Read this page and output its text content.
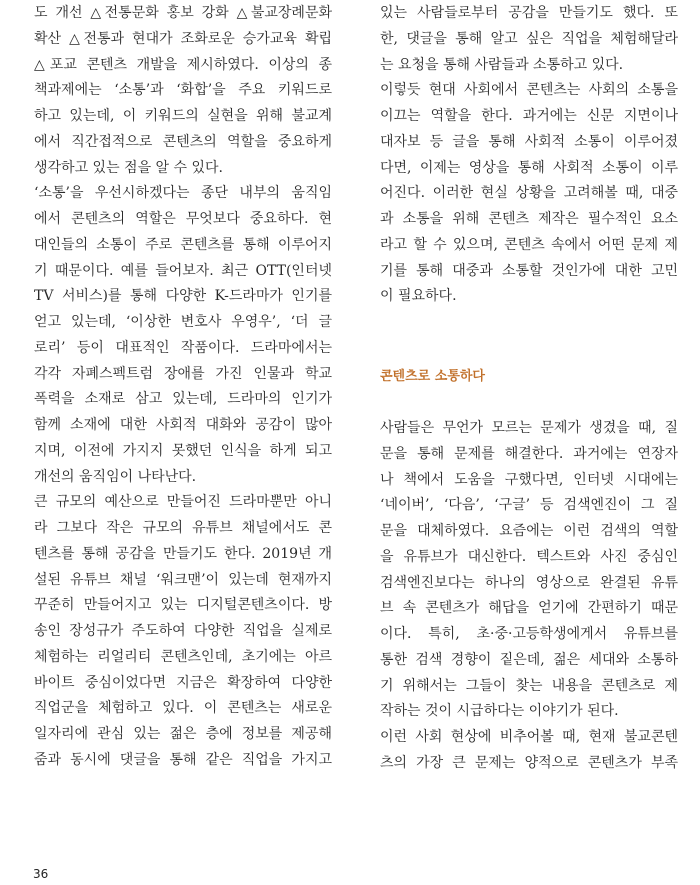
도 개선 △전통문화 홍보 강화 △불교장례문화
확산 △전통과 현대가 조화로운 승가교육 확립
△포교 콘텐츠 개발을 제시하였다. 이상의 종
책과제에는 ‘소통’과 ‘화합’을 주요 키워드로
하고 있는데, 이 키워드의 실현을 위해 불교계
에서 직간접적으로 콘텐츠의 역할을 중요하게
생각하고 있는 점을 알 수 있다.
‘소통’을 우선시하겠다는 종단 내부의 움직임
에서 콘텐츠의 역할은 무엇보다 중요하다. 현
대인들의 소통이 주로 콘텐츠를 통해 이루어지
기 때문이다. 예를 들어보자. 최근 OTT(인터넷
TV 서비스)를 통해 다양한 K-드라마가 인기를
얻고 있는데, ‘이상한 변호사 우영우’, ‘더 글
로리’ 등이 대표적인 작품이다. 드라마에서는
각각 자폐스펙트럼 장애를 가진 인물과 학교
폭력을 소재로 삼고 있는데, 드라마의 인기가
함께 소재에 대한 사회적 대화와 공감이 많아
지며, 이전에 가지지 못했던 인식을 하게 되고
개선의 움직임이 나타난다.
큰 규모의 예산으로 만들어진 드라마뿐만 아니
라 그보다 작은 규모의 유튜브 채널에서도 콘
텐츠를 통해 공감을 만들기도 한다. 2019년 개
설된 유튜브 채널 ‘워크맨’이 있는데 현재까지
꾸준히 만들어지고 있는 디지털콘텐츠이다. 방
송인 장성규가 주도하여 다양한 직업을 실제로
체험하는 리얼리티 콘텐츠인데, 초기에는 아르
바이트 중심이었다면 지금은 확장하여 다양한
직업군을 체험하고 있다. 이 콘텐츠는 새로운
일자리에 관심 있는 젊은 층에 정보를 제공해
줌과 동시에 댓글을 통해 같은 직업을 가지고
있는 사람들로부터 공감을 만들기도 했다. 또
한, 댓글을 통해 알고 싶은 직업을 체험해달라
는 요청을 통해 사람들과 소통하고 있다.
이렇듯 현대 사회에서 콘텐츠는 사회의 소통을
이끄는 역할을 한다. 과거에는 신문 지면이나
대자보 등 글을 통해 사회적 소통이 이루어졌
다면, 이제는 영상을 통해 사회적 소통이 이루
어진다. 이러한 현실 상황을 고려해볼 때, 대중
과 소통을 위해 콘텐츠 제작은 필수적인 요소
라고 할 수 있으며, 콘텐츠 속에서 어떤 문제 제
기를 통해 대중과 소통할 것인가에 대한 고민
이 필요하다.
콘텐츠로 소통하다
사람들은 무언가 모르는 문제가 생겼을 때, 질
문을 통해 문제를 해결한다. 과거에는 연장자
나 책에서 도움을 구했다면, 인터넷 시대에는
‘네이버’, ‘다음’, ‘구글’ 등 검색엔진이 그 질
문을 대체하였다. 요즘에는 이런 검색의 역할
을 유튜브가 대신한다. 텍스트와 사진 중심인
검색엔진보다는 하나의 영상으로 완결된 유튜
브 속 콘텐츠가 해답을 얻기에 간편하기 때문
이다. 특히, 초·중·고등학생에게서 유튜브를
통한 검색 경향이 짙은데, 젊은 세대와 소통하
기 위해서는 그들이 찾는 내용을 콘텐츠로 제
작하는 것이 시급하다는 이야기가 된다.
이런 사회 현상에 비추어볼 때, 현재 불교콘텐
츠의 가장 큰 문제는 양적으로 콘텐츠가 부족
36
